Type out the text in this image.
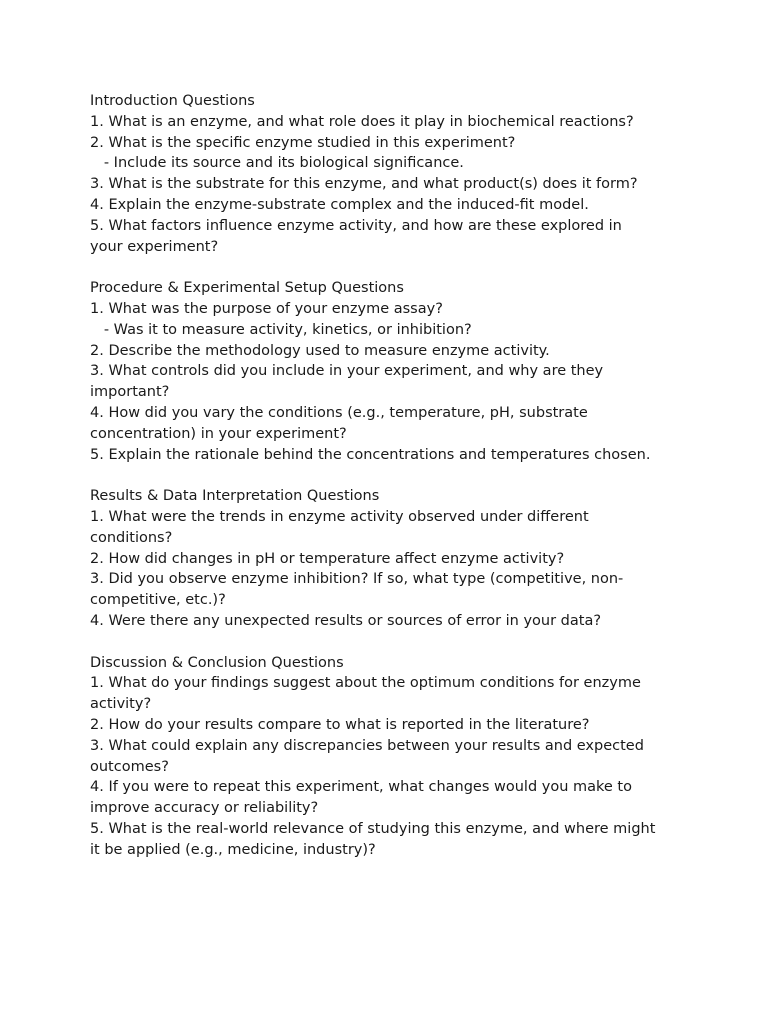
Introduction Questions
1. What is an enzyme, and what role does it play in biochemical reactions?
2. What is the specific enzyme studied in this experiment?
- Include its source and its biological significance.
3. What is the substrate for this enzyme, and what product(s) does it form?
4. Explain the enzyme-substrate complex and the induced-fit model.
5. What factors influence enzyme activity, and how are these explored in
your experiment?
Procedure & Experimental Setup Questions
1. What was the purpose of your enzyme assay?
- Was it to measure activity, kinetics, or inhibition?
2. Describe the methodology used to measure enzyme activity.
3. What controls did you include in your experiment, and why are they
important?
4. How did you vary the conditions (e.g., temperature, pH, substrate
concentration) in your experiment?
5. Explain the rationale behind the concentrations and temperatures chosen.
Results & Data Interpretation Questions
1. What were the trends in enzyme activity observed under different
conditions?
2. How did changes in pH or temperature affect enzyme activity?
3. Did you observe enzyme inhibition? If so, what type (competitive, non-
competitive, etc.)?
4. Were there any unexpected results or sources of error in your data?
Discussion & Conclusion Questions
1. What do your findings suggest about the optimum conditions for enzyme
activity?
2. How do your results compare to what is reported in the literature?
3. What could explain any discrepancies between your results and expected
outcomes?
4. If you were to repeat this experiment, what changes would you make to
improve accuracy or reliability?
5. What is the real-world relevance of studying this enzyme, and where might
it be applied (e.g., medicine, industry)?
